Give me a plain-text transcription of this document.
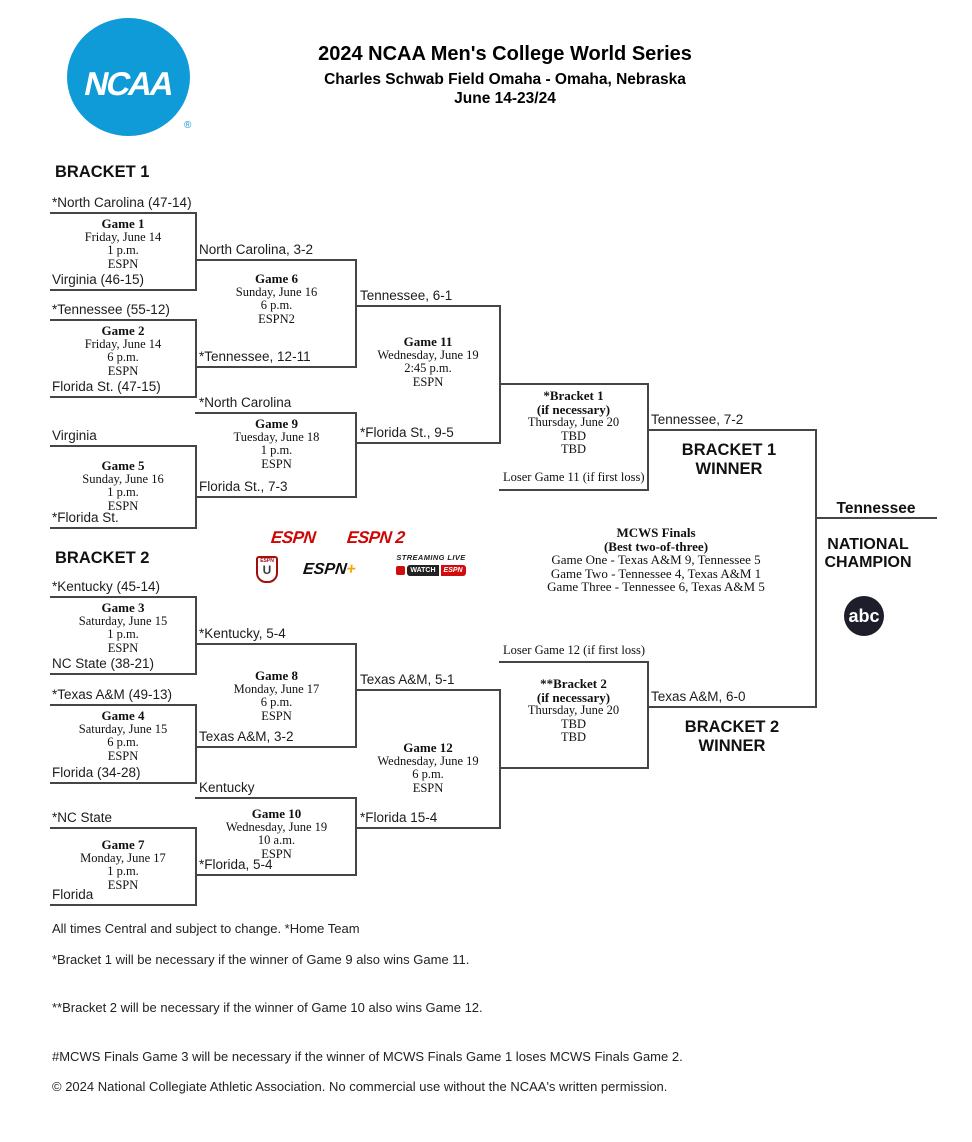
NCAA
®
2024 NCAA Men's College World Series
Charles Schwab Field Omaha - Omaha, Nebraska
June 14-23/24
BRACKET 1
BRACKET 2
*North Carolina (47-14)
Virginia (46-15)
North Carolina, 3-2
*Tennessee (55-12)
Florida St. (47-15)
*Tennessee, 12-11
Tennessee, 6-1
*North Carolina
Florida St., 7-3
*Florida St., 9-5
Virginia
*Florida St.
Tennessee, 7-2
Game 1
Friday, June 14
1 p.m.
ESPN
Game 2
Friday, June 14
6 p.m.
ESPN
Game 6
Sunday, June 16
6 p.m.
ESPN2
Game 5
Sunday, June 16
1 p.m.
ESPN
Game 9
Tuesday, June 18
1 p.m.
ESPN
Game 11
Wednesday, June 19
2:45 p.m.
ESPN
*Bracket 1
(if necessary)
Thursday, June 20
TBD
TBD
Loser Game 11 (if first loss)
BRACKET 1
WINNER
ESPN ESPN 2
ESPN
U ESPN+
STREAMING LIVE
WATCH	ESPN
MCWS Finals
(Best two-of-three)
Game One - Texas A&M 9, Tennessee 5
Game Two - Tennessee 4, Texas A&M 1
Game Three - Tennessee 6, Texas A&M 5
*Kentucky (45-14)
NC State (38-21)
*Kentucky, 5-4
*Texas A&M (49-13)
Florida (34-28)
Texas A&M, 3-2
Texas A&M, 5-1
Kentucky
*Florida, 5-4
*Florida 15-4
*NC State
Florida
Texas A&M, 6-0
Game 3
Saturday, June 15
1 p.m.
ESPN
Game 4
Saturday, June 15
6 p.m.
ESPN
Game 8
Monday, June 17
6 p.m.
ESPN
Game 7
Monday, June 17
1 p.m.
ESPN
Game 10
Wednesday, June 19
10 a.m.
ESPN
Game 12
Wednesday, June 19
6 p.m.
ESPN
**Bracket 2
(if necessary)
Thursday, June 20
TBD
TBD
Loser Game 12 (if first loss)
BRACKET 2
WINNER
Tennessee
NATIONAL
CHAMPION
abc
All times Central and subject to change. *Home Team
*Bracket 1 will be necessary if the winner of Game 9 also wins Game 11.
**Bracket 2 will be necessary if the winner of Game 10 also wins Game 12.
#MCWS Finals Game 3 will be necessary if the winner of MCWS Finals Game 1 loses MCWS Finals Game 2.
© 2024 National Collegiate Athletic Association. No commercial use without the NCAA's written permission.
